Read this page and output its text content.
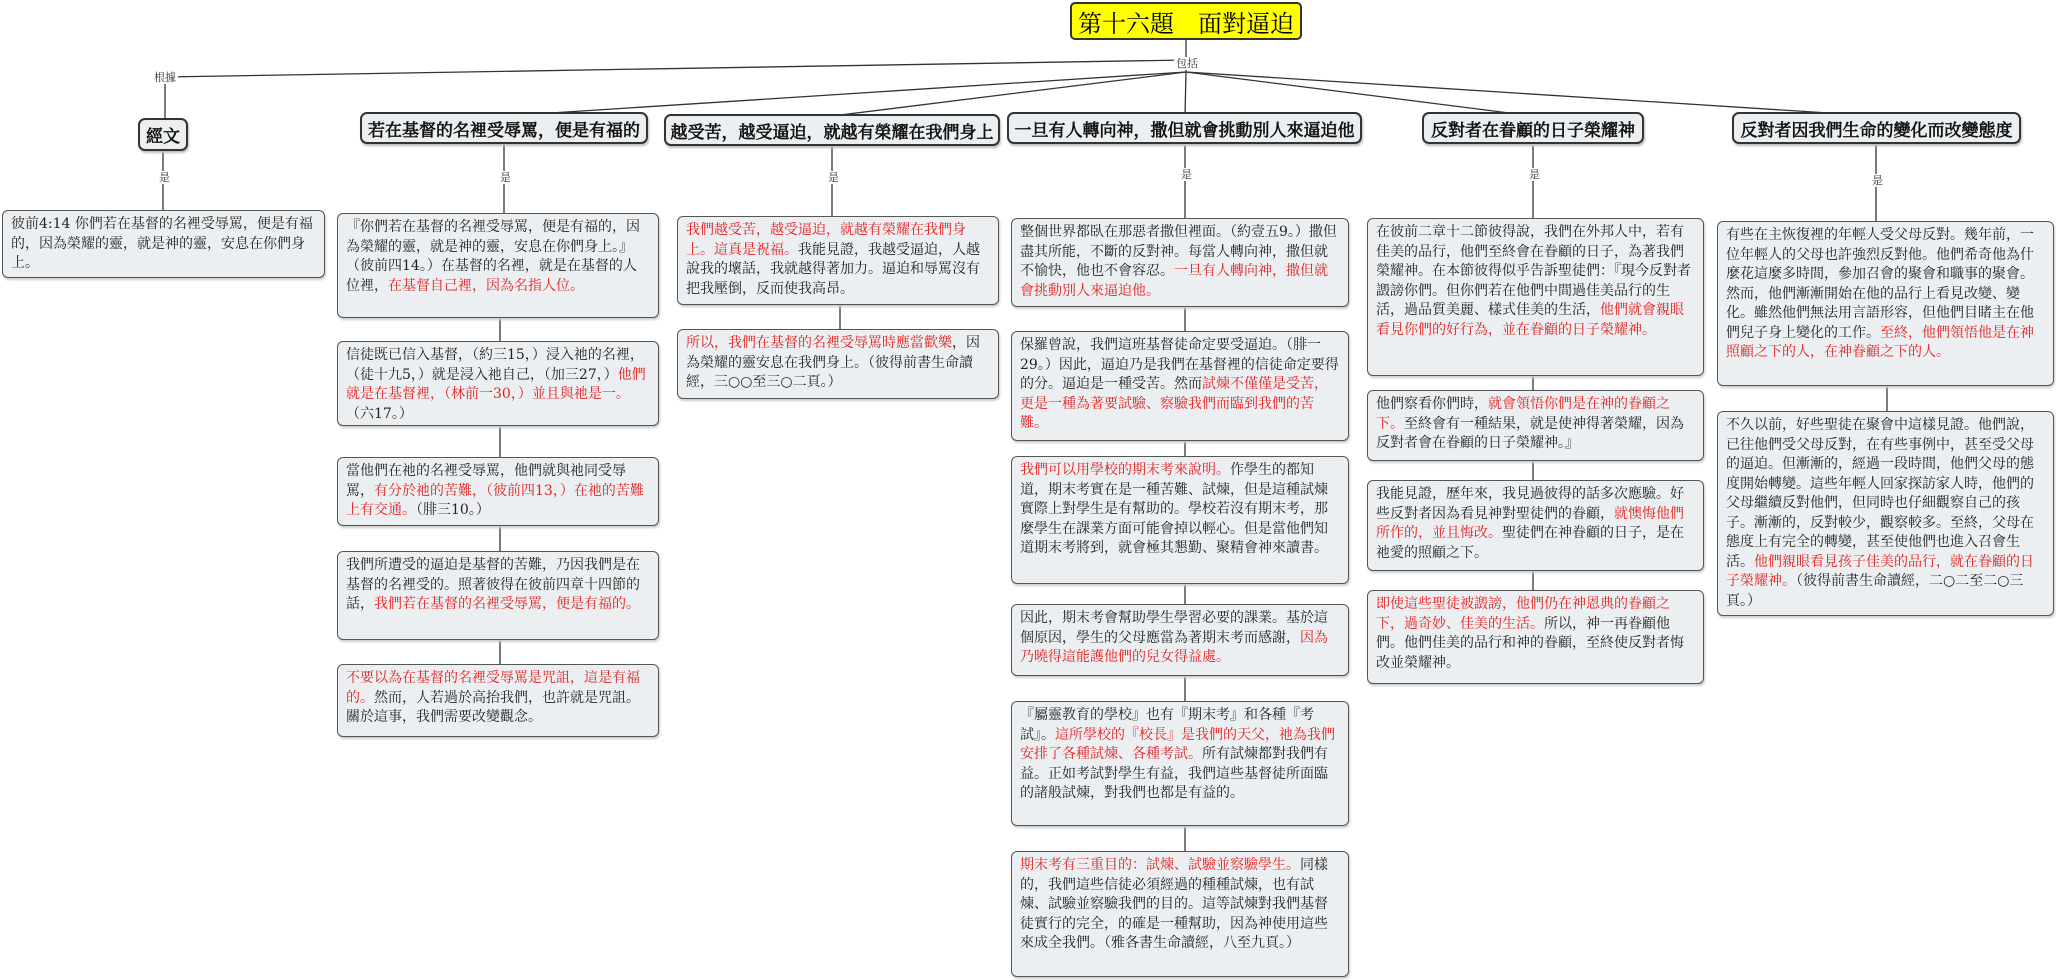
第十六題　面對逼迫
根據
包括
是	是	是	是	是	是
經文	若在基督的名裡受辱罵，便是有福的	越受苦，越受逼迫，就越有榮耀在我們身上	一旦有人轉向神，撒但就會挑動別人來逼迫他	反對者在眷顧的日子榮耀神	反對者因我們生命的變化而改變態度
彼前4:14 你們若在基督的名裡受辱罵，便是有福的，因為榮耀的靈，就是神的靈，安息在你們身上。
『你們若在基督的名裡受辱罵，便是有福的，因為榮耀的靈，就是神的靈，安息在你們身上。』（彼前四14。）在基督的名裡，就是在基督的人位裡，在基督自己裡，因為名指人位。
信徒既已信入基督，（約三15，）浸入祂的名裡，（徒十九5，）就是浸入祂自己，（加三27，）他們就是在基督裡，（林前一30，）並且與祂是一。（六17。）
當他們在祂的名裡受辱罵，他們就與祂同受辱罵，有分於祂的苦難，（彼前四13，）在祂的苦難上有交通。（腓三10。）
我們所遭受的逼迫是基督的苦難，乃因我們是在基督的名裡受的。照著彼得在彼前四章十四節的話，我們若在基督的名裡受辱罵，便是有福的。
不要以為在基督的名裡受辱罵是咒詛，這是有福的。然而，人若過於高抬我們，也許就是咒詛。關於這事，我們需要改變觀念。
我們越受苦，越受逼迫，就越有榮耀在我們身上。這真是祝福。我能見證，我越受逼迫，人越說我的壞話，我就越得著加力。逼迫和辱罵沒有把我壓倒，反而使我高昂。
所以，我們在基督的名裡受辱罵時應當歡樂，因為榮耀的靈安息在我們身上。（彼得前書生命讀經，三○○至三○二頁。）
整個世界都臥在那惡者撒但裡面。（約壹五9。）撒但盡其所能，不斷的反對神。每當人轉向神，撒但就不愉快，他也不會容忍。一旦有人轉向神，撒但就會挑動別人來逼迫他。
保羅曾說，我們這班基督徒命定要受逼迫。（腓一29。）因此，逼迫乃是我們在基督裡的信徒命定要得的分。逼迫是一種受苦。然而試煉不僅僅是受苦，更是一種為著要試驗、察驗我們而臨到我們的苦難。
我們可以用學校的期末考來說明。作學生的都知道，期末考實在是一種苦難、試煉，但是這種試煉實際上對學生是有幫助的。學校若沒有期末考，那麼學生在課業方面可能會掉以輕心。但是當他們知道期末考將到，就會極其懇勤、聚精會神來讀書。
因此，期末考會幫助學生學習必要的課業。基於這個原因，學生的父母應當為著期末考而感謝，因為乃曉得這能護他們的兒女得益處。
『屬靈教育的學校』也有『期末考』和各種『考試』。這所學校的『校長』是我們的天父，祂為我們安排了各種試煉、各種考試。所有試煉都對我們有益。正如考試對學生有益，我們這些基督徒所面臨的諸般試煉，對我們也都是有益的。
期末考有三重目的：試煉、試驗並察驗學生。同樣的，我們這些信徒必須經過的種種試煉，也有試煉、試驗並察驗我們的目的。這等試煉對我們基督徒實行的完全，的確是一種幫助，因為神使用這些來成全我們。（雅各書生命讀經，八至九頁。）
在彼前二章十二節彼得說，我們在外邦人中，若有佳美的品行，他們至終會在眷顧的日子，為著我們榮耀神。在本節彼得似乎告訴聖徒們：『現今反對者譭謗你們。但你們若在他們中間過佳美品行的生活，過品質美麗、樣式佳美的生活，他們就會親眼看見你們的好行為，並在眷顧的日子榮耀神。
他們察看你們時，就會領悟你們是在神的眷顧之下。至終會有一種結果，就是使神得著榮耀，因為反對者會在眷顧的日子榮耀神。』
我能見證，歷年來，我見過彼得的話多次應驗。好些反對者因為看見神對聖徒們的眷顧，就懊悔他們所作的，並且悔改。聖徒們在神眷顧的日子，是在祂愛的照顧之下。
即使這些聖徒被譭謗，他們仍在神恩典的眷顧之下，過奇妙、佳美的生活。所以，神一再眷顧他們。他們佳美的品行和神的眷顧，至終使反對者悔改並榮耀神。
有些在主恢復裡的年輕人受父母反對。幾年前，一位年輕人的父母也許強烈反對他。他們希奇他為什麼花這麼多時間，參加召會的聚會和職事的聚會。然而，他們漸漸開始在他的品行上看見改變、變化。雖然他們無法用言語形容，但他們目睹主在他們兒子身上變化的工作。至終，他們領悟他是在神照顧之下的人，在神眷顧之下的人。
不久以前，好些聖徒在聚會中這樣見證。他們說，已往他們受父母反對，在有些事例中，甚至受父母的逼迫。但漸漸的，經過一段時間，他們父母的態度開始轉變。這些年輕人回家探訪家人時，他們的父母繼續反對他們，但同時也仔細觀察自己的孩子。漸漸的，反對較少，觀察較多。至終，父母在態度上有完全的轉變，甚至使他們也進入召會生活。他們親眼看見孩子佳美的品行，就在眷顧的日子榮耀神。（彼得前書生命讀經，二○二至二○三頁。）
